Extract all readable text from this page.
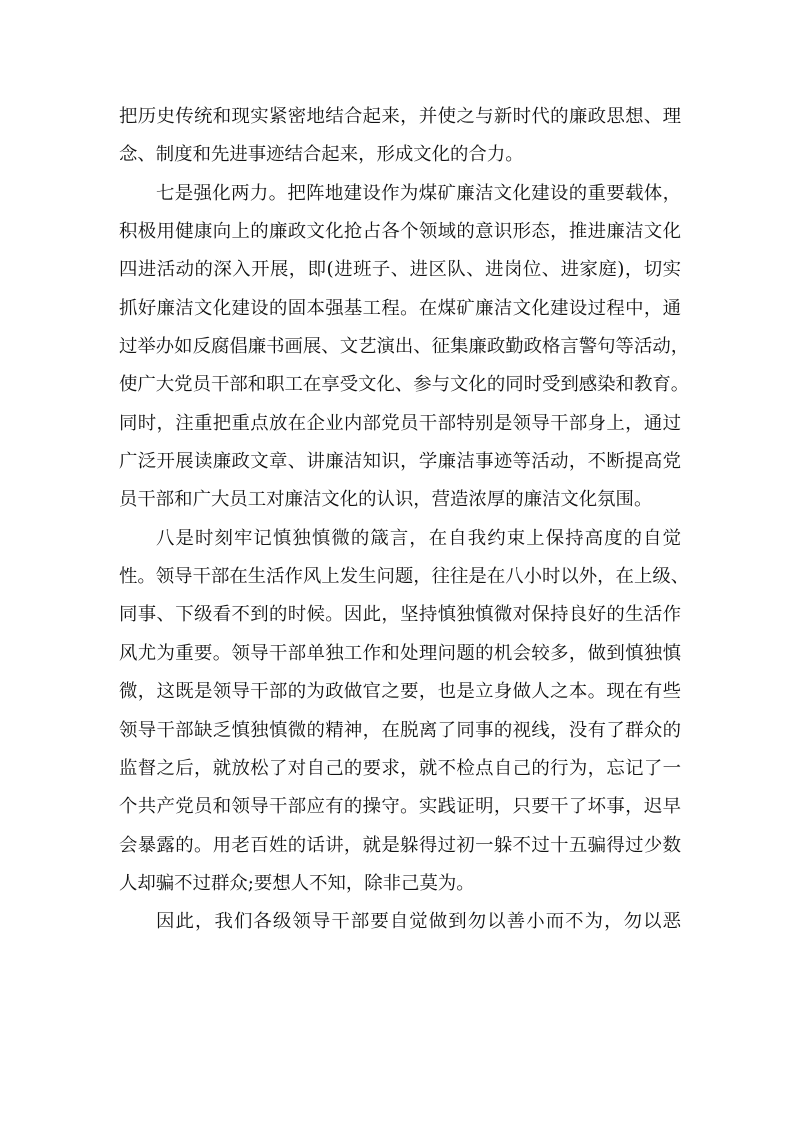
把历史传统和现实紧密地结合起来，并使之与新时代的廉政思想、理
念、制度和先进事迹结合起来，形成文化的合力。
七是强化两力。把阵地建设作为煤矿廉洁文化建设的重要载体，
积极用健康向上的廉政文化抢占各个领域的意识形态，推进廉洁文化
四进活动的深入开展，即(进班子、进区队、进岗位、进家庭)，切实
抓好廉洁文化建设的固本强基工程。在煤矿廉洁文化建设过程中，通
过举办如反腐倡廉书画展、文艺演出、征集廉政勤政格言警句等活动，
使广大党员干部和职工在享受文化、参与文化的同时受到感染和教育。
同时，注重把重点放在企业内部党员干部特别是领导干部身上，通过
广泛开展读廉政文章、讲廉洁知识，学廉洁事迹等活动，不断提高党
员干部和广大员工对廉洁文化的认识，营造浓厚的廉洁文化氛围。
八是时刻牢记慎独慎微的箴言，在自我约束上保持高度的自觉
性。领导干部在生活作风上发生问题，往往是在八小时以外，在上级、
同事、下级看不到的时候。因此，坚持慎独慎微对保持良好的生活作
风尤为重要。领导干部单独工作和处理问题的机会较多，做到慎独慎
微，这既是领导干部的为政做官之要，也是立身做人之本。现在有些
领导干部缺乏慎独慎微的精神，在脱离了同事的视线，没有了群众的
监督之后，就放松了对自己的要求，就不检点自己的行为，忘记了一
个共产党员和领导干部应有的操守。实践证明，只要干了坏事，迟早
会暴露的。用老百姓的话讲，就是躲得过初一躲不过十五骗得过少数
人却骗不过群众;要想人不知，除非己莫为。
因此，我们各级领导干部要自觉做到勿以善小而不为，勿以恶
